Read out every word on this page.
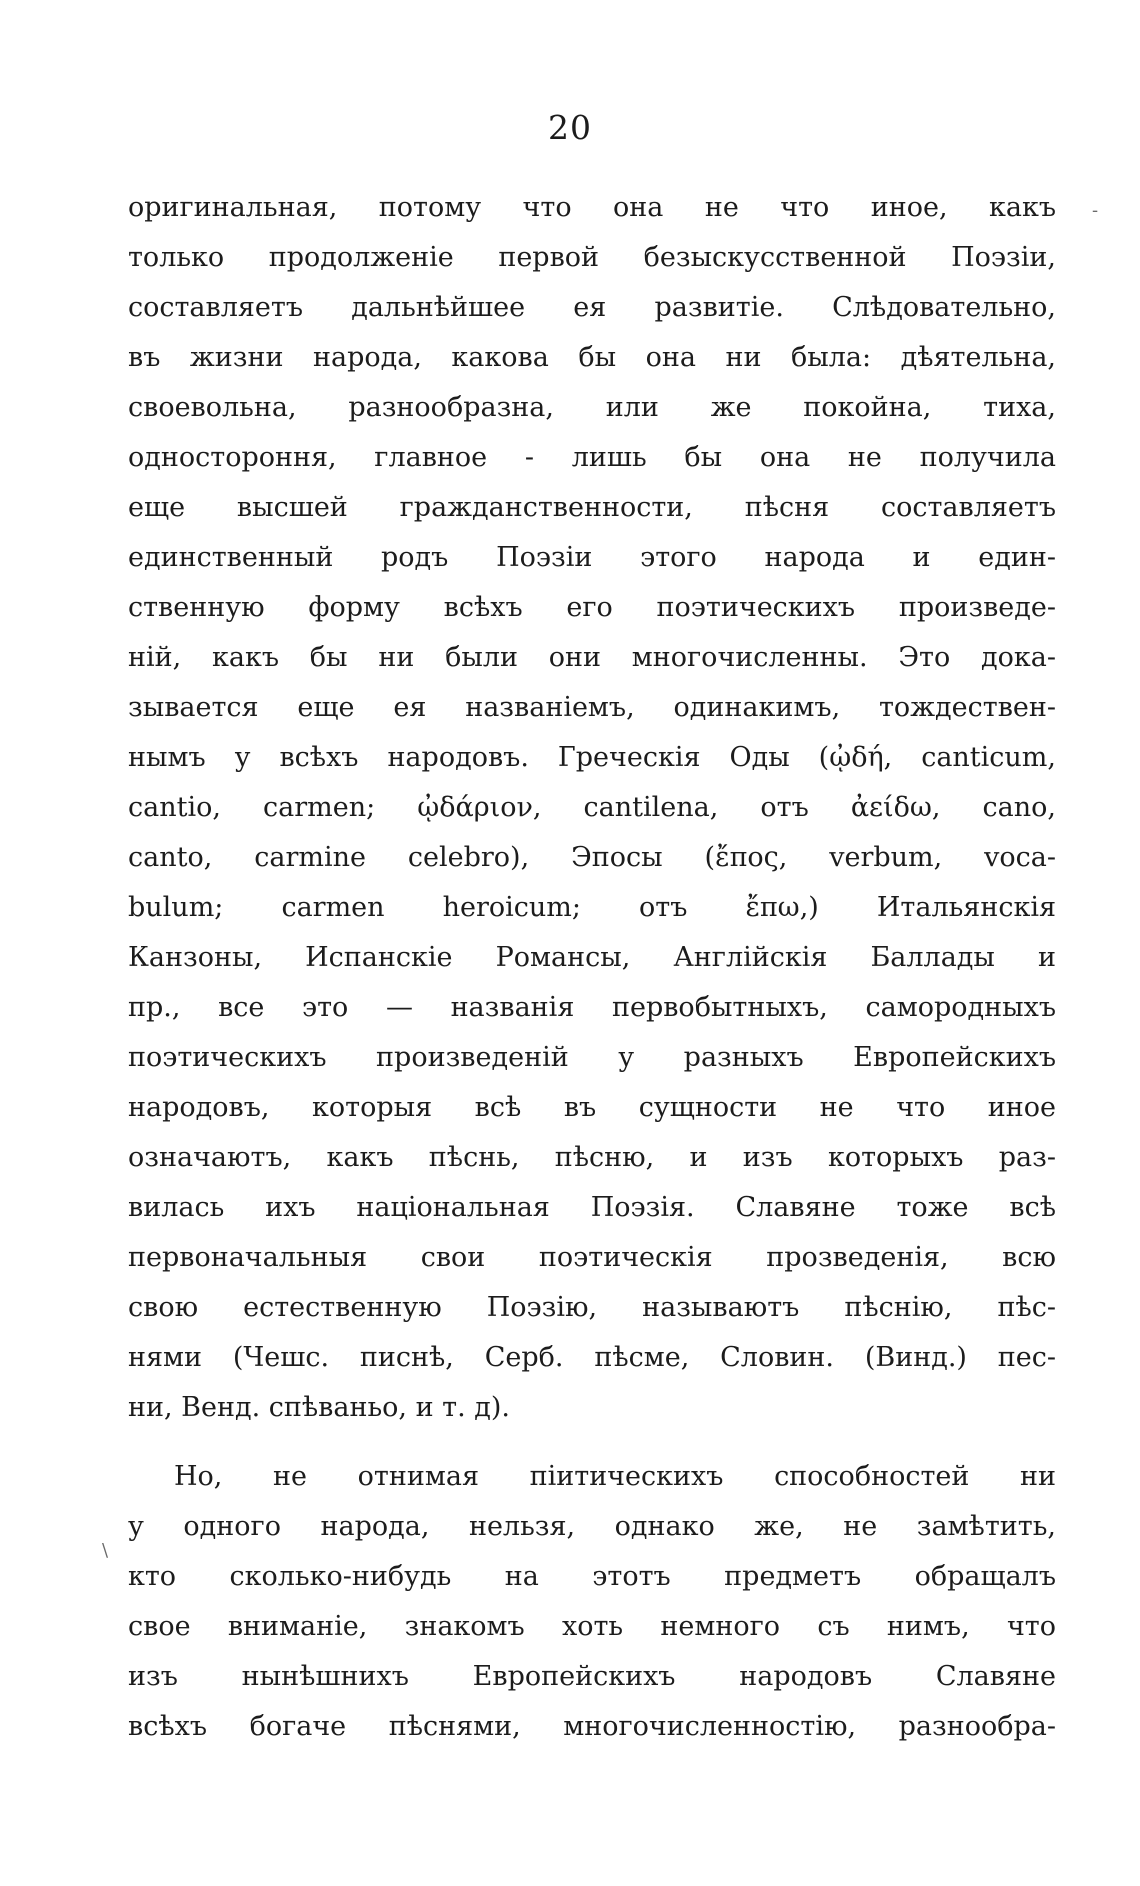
20
оригинальная, потому что она не что иное, какъ
только продолженіе первой безыскусственной Поэзіи,
составляетъ дальнѣйшее ея развитіе. Слѣдовательно,
въ жизни народа, какова бы она ни была: дѣятельна,
своевольна, разнообразна, или же покойна, тиха,
одностороння, главное - лишь бы она не получила
еще высшей гражданственности, пѣсня составляетъ
единственный родъ Поэзіи этого народа и един-
ственную форму всѣхъ его поэтическихъ произведе-
ній, какъ бы ни были они многочисленны. Это дока-
зывается еще ея названіемъ, одинакимъ, тождествен-
нымъ у всѣхъ народовъ. Греческія Оды (ᾠδή, canticum,
cantio, carmen; ᾠδάριον, cantilena, отъ ἀείδω, cano,
canto, carmine celebro), Эпосы (ἔπος, verbum, voca-
bulum; carmen heroicum; отъ ἔπω,) Итальянскія
Канзоны, Испанскіе Романсы, Англійскія Баллады и
пр., все это — названія первобытныхъ, самородныхъ
поэтическихъ произведеній у разныхъ Европейскихъ
народовъ, которыя всѣ въ сущности не что иное
означаютъ, какъ пѣснь, пѣсню, и изъ которыхъ раз-
вилась ихъ національная Поэзія. Славяне тоже всѣ
первоначальныя свои поэтическія прозведенія, всю
свою естественную Поэзію, называютъ пѣснію, пѣс-
нями (Чешс. писнѣ, Серб. пѣсме, Словин. (Винд.) пес-
ни, Венд. спѣваньо, и т. д).
Но, не отнимая пiитическихъ способностей ни
у одного народа, нельзя, однако же, не замѣтить,
кто сколько-нибудь на этотъ предметъ обращалъ
свое вниманіе, знакомъ хоть немного съ нимъ, что
изъ нынѣшнихъ Европейскихъ народовъ Славяне
всѣхъ богаче пѣснями, многочисленностію, разнообра-
-
\
